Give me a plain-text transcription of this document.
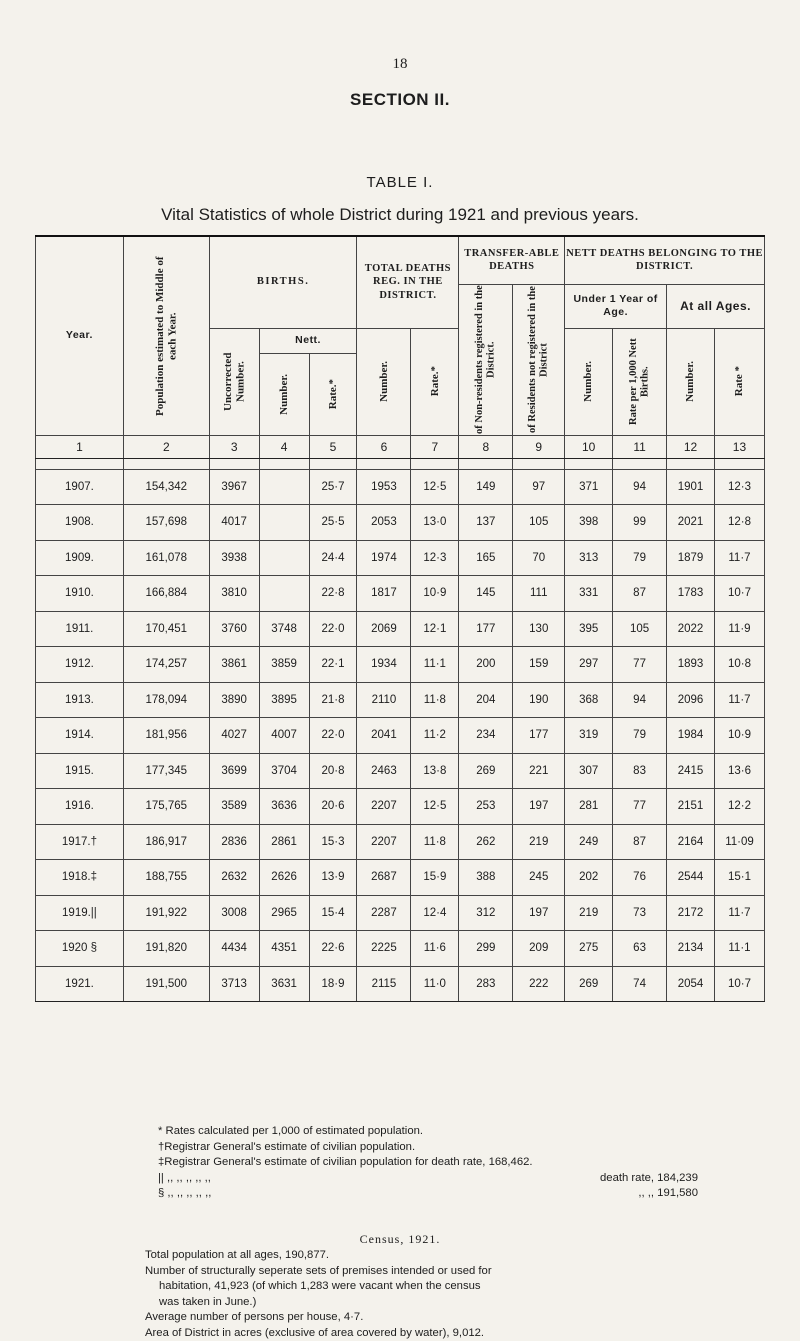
18
SECTION II.
TABLE I.
Vital Statistics of whole District during 1921 and previous years.
Year.	Population estimated to Middle of each Year.	BIRTHS.			TOTAL DEATHS REG. IN THE DISTRICT.		TRANSFER-ABLE DEATHS		NETT DEATHS BELONGING TO THE DISTRICT.			

							of Non-residents registered in the District.	of Residents not registered in the District	Under 1 Year of Age.		At all Ages.	

		Uncorrected Number.	Nett.		Number.	Rate.*			Number.	Rate per 1,000 Nett Births.	Number.	Rate *

			Number.	Rate.*								

1	2	3	4	5	6	7	8	9	10	11	12	13

1907.	154,342	3967		25·7	1953	12·5	149	97	371	94	1901	12·3
1908.	157,698	4017		25·5	2053	13·0	137	105	398	99	2021	12·8
1909.	161,078	3938		24·4	1974	12·3	165	70	313	79	1879	11·7
1910.	166,884	3810		22·8	1817	10·9	145	111	331	87	1783	10·7
1911.	170,451	3760	3748	22·0	2069	12·1	177	130	395	105	2022	11·9
1912.	174,257	3861	3859	22·1	1934	11·1	200	159	297	77	1893	10·8
1913.	178,094	3890	3895	21·8	2110	11·8	204	190	368	94	2096	11·7
1914.	181,956	4027	4007	22·0	2041	11·2	234	177	319	79	1984	10·9
1915.	177,345	3699	3704	20·8	2463	13·8	269	221	307	83	2415	13·6
1916.	175,765	3589	3636	20·6	2207	12·5	253	197	281	77	2151	12·2
1917.†	186,917	2836	2861	15·3	2207	11·8	262	219	249	87	2164	11·09
1918.‡	188,755	2632	2626	13·9	2687	15·9	388	245	202	76	2544	15·1
1919.||	191,922	3008	2965	15·4	2287	12·4	312	197	219	73	2172	11·7
1920 §	191,820	4434	4351	22·6	2225	11·6	299	209	275	63	2134	11·1
1921.	191,500	3713	3631	18·9	2115	11·0	283	222	269	74	2054	10·7
* Rates calculated per 1,000 of estimated population.
†Registrar General's estimate of civilian population.
‡Registrar General's estimate of civilian population for death rate, 168,462.
|| ,, ,, ,, ,, ,,	death rate, 184,239
§ ,, ,, ,, ,, ,,	,, ,, 191,580
Census, 1921.
Total population at all ages, 190,877.
Number of structurally seperate sets of premises intended or used for
habitation, 41,923 (of which 1,283 were vacant when the census
was taken in June.)
Average number of persons per house, 4·7.
Area of District in acres (exclusive of area covered by water), 9,012.
